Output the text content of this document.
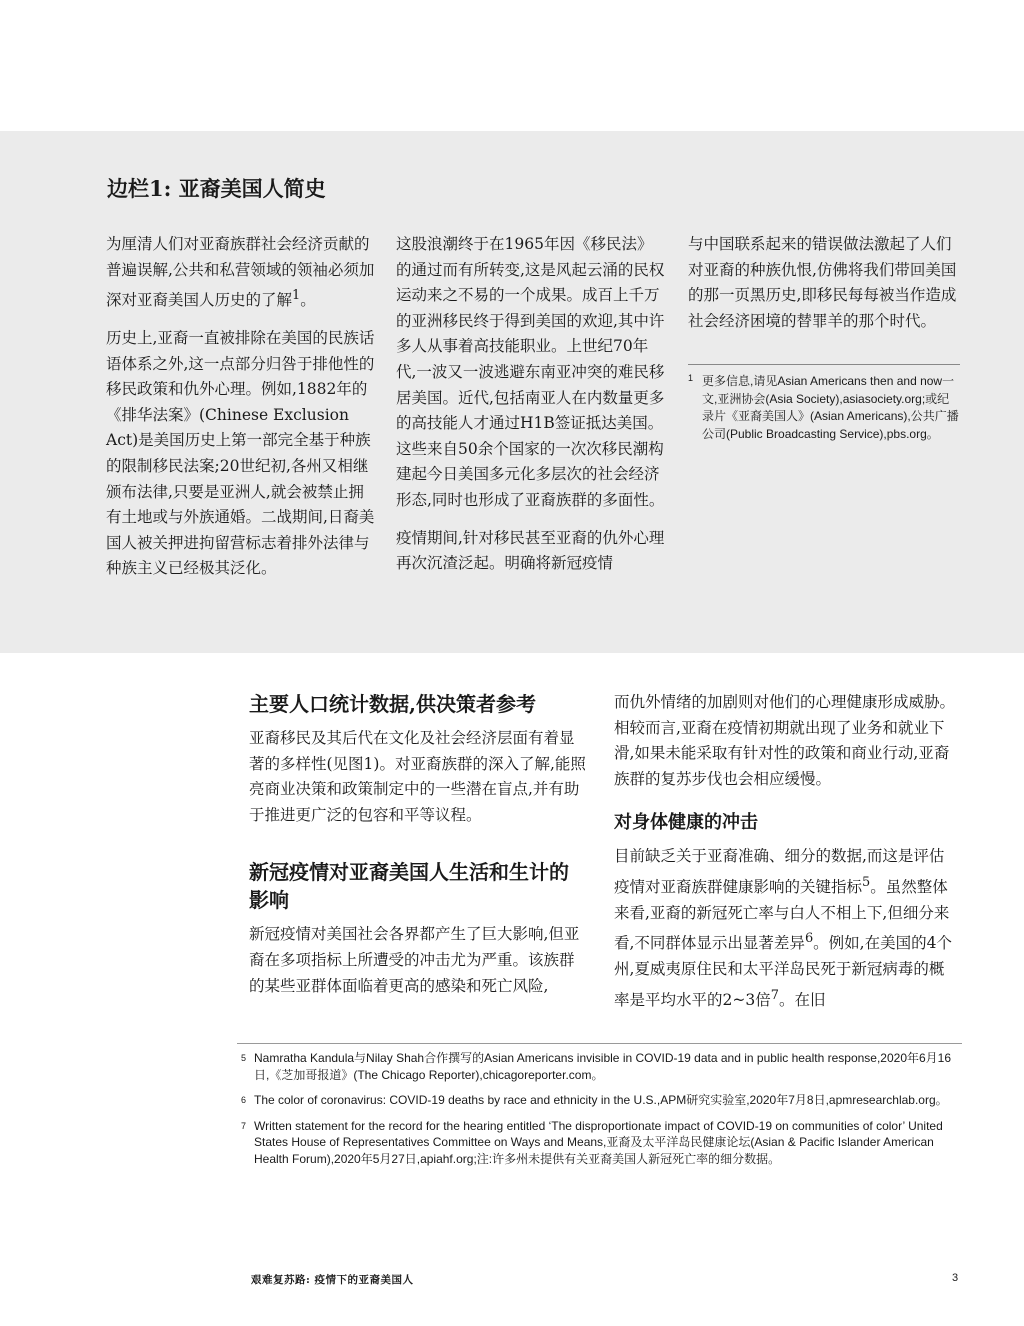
边栏1: 亚裔美国人简史

为厘清人们对亚裔族群社会经济贡献的普遍误解,公共和私营领域的领袖必须加深对亚裔美国人历史的了解$^1$。

历史上,亚裔一直被排除在美国的民族话语体系之外,这一点部分归咎于排他性的移民政策和仇外心理。例如,1882年的《排华法案》(Chinese Exclusion Act)是美国历史上第一部完全基于种族的限制移民法案;20世纪初,各州又相继颁布法律,只要是亚洲人,就会被禁止拥有土地或与外族通婚。二战期间,日裔美国人被关押进拘留营标志着排外法律与种族主义已经极其泛化。

这股浪潮终于在1965年因《移民法》的通过而有所转变,这是风起云涌的民权运动来之不易的一个成果。成百上千万的亚洲移民终于得到美国的欢迎,其中许多人从事着高技能职业。上世纪70年代,一波又一波逃避东南亚冲突的难民移居美国。近代,包括南亚人在内数量更多的高技能人才通过H1B签证抵达美国。这些来自50余个国家的一次次移民潮构建起今日美国多元化多层次的社会经济形态,同时也形成了亚裔族群的多面性。

疫情期间,针对移民甚至亚裔的仇外心理再次沉渣泛起。明确将新冠疫情

与中国联系起来的错误做法激起了人们对亚裔的种族仇恨,仿佛将我们带回美国的那一页黑历史,即移民每每被当作造成社会经济困境的替罪羊的那个时代。

1 更多信息,请见Asian Americans then and now一文,亚洲协会(Asia Society),asiasociety.org;或纪录片《亚裔美国人》(Asian Americans),公共广播公司(Public Broadcasting Service),pbs.org。
主要人口统计数据,供决策者参考

亚裔移民及其后代在文化及社会经济层面有着显著的多样性(见图1)。对亚裔族群的深入了解,能照亮商业决策和政策制定中的一些潜在盲点,并有助于推进更广泛的包容和平等议程。

新冠疫情对亚裔美国人生活和生计的影响

新冠疫情对美国社会各界都产生了巨大影响,但亚裔在多项指标上所遭受的冲击尤为严重。该族群的某些亚群体面临着更高的感染和死亡风险,

而仇外情绪的加剧则对他们的心理健康形成威胁。相较而言,亚裔在疫情初期就出现了业务和就业下滑,如果未能采取有针对性的政策和商业行动,亚裔族群的复苏步伐也会相应缓慢。

对身体健康的冲击

目前缺乏关于亚裔准确、细分的数据,而这是评估疫情对亚裔族群健康影响的关键指标$^5$。虽然整体来看,亚裔的新冠死亡率与白人不相上下,但细分来看,不同群体显示出显著差异$^6$。例如,在美国的4个州,夏威夷原住民和太平洋岛民死于新冠病毒的概率是平均水平的2~3倍$^7$。在旧

5 Namratha Kandula与Nilay Shah合作撰写的Asian Americans invisible in COVID-19 data and in public health response,2020年6月16日,《芝加哥报道》(The Chicago Reporter),chicagoreporter.com。
6 The color of coronavirus: COVID-19 deaths by race and ethnicity in the U.S.,APM研究实验室,2020年7月8日,apmresearchlab.org。
7 Written statement for the record for the hearing entitled ‘The disproportionate impact of COVID-19 on communities of color’ United States House of Representatives Committee on Ways and Means,亚裔及太平洋岛民健康论坛(Asian & Pacific Islander American Health Forum),2020年5月27日,apiahf.org;注:许多州未提供有关亚裔美国人新冠死亡率的细分数据。
艰难复苏路: 疫情下的亚裔美国人	3
